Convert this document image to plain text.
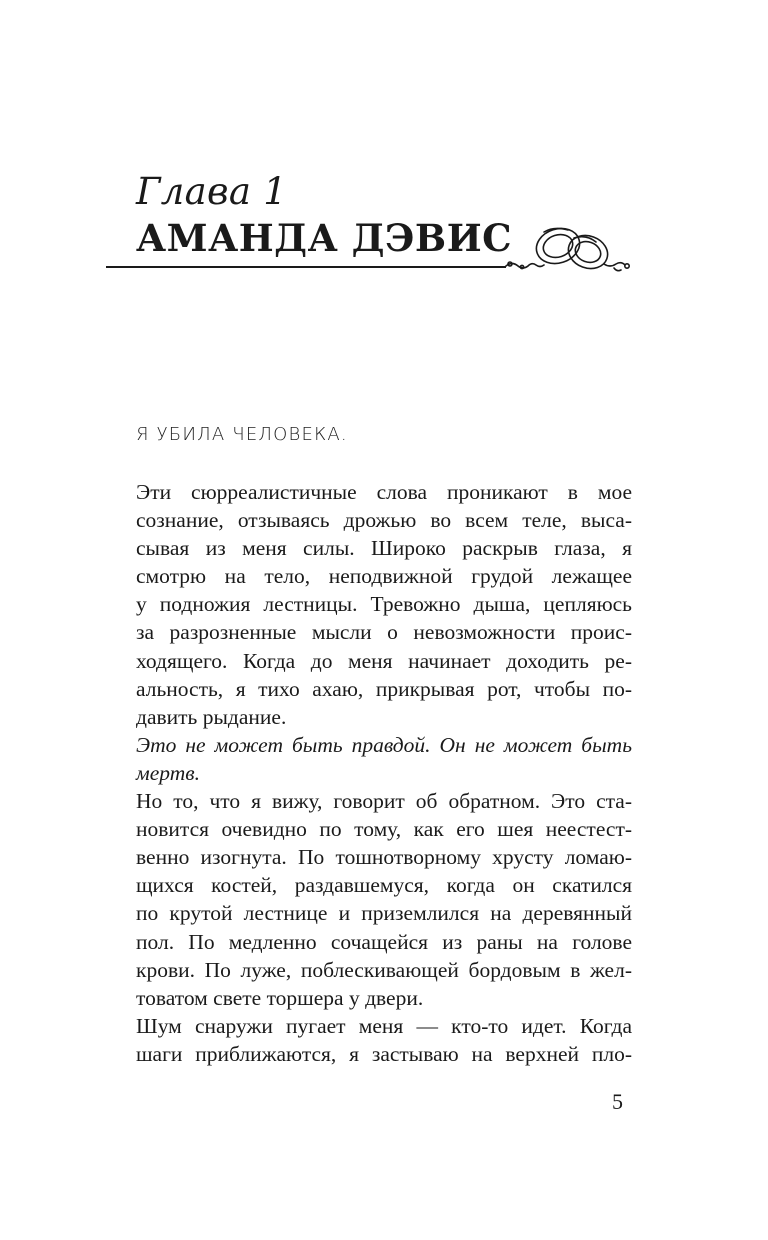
Глава 1
АМАНДА ДЭВИС
Я УБИЛА ЧЕЛОВЕКА.

Эти сюрреалистичные слова проникают в мое
сознание, отзываясь дрожью во всем теле, выса-
сывая из меня силы. Широко раскрыв глаза, я
смотрю на тело, неподвижной грудой лежащее
у подножия лестницы. Тревожно дыша, цепляюсь
за разрозненные мысли о невозможности проис-
ходящего. Когда до меня начинает доходить ре-
альность, я тихо ахаю, прикрывая рот, чтобы по-
давить рыдание.

Это не может быть правдой. Он не может быть
мертв.

Но то, что я вижу, говорит об обратном. Это ста-
новится очевидно по тому, как его шея неестест-
венно изогнута. По тошнотворному хрусту ломаю-
щихся костей, раздавшемуся, когда он скатился
по крутой лестнице и приземлился на деревянный
пол. По медленно сочащейся из раны на голове
крови. По луже, поблескивающей бордовым в жел-
товатом свете торшера у двери.

Шум снаружи пугает меня — кто-то идет. Когда
шаги приближаются, я застываю на верхней пло-

5
